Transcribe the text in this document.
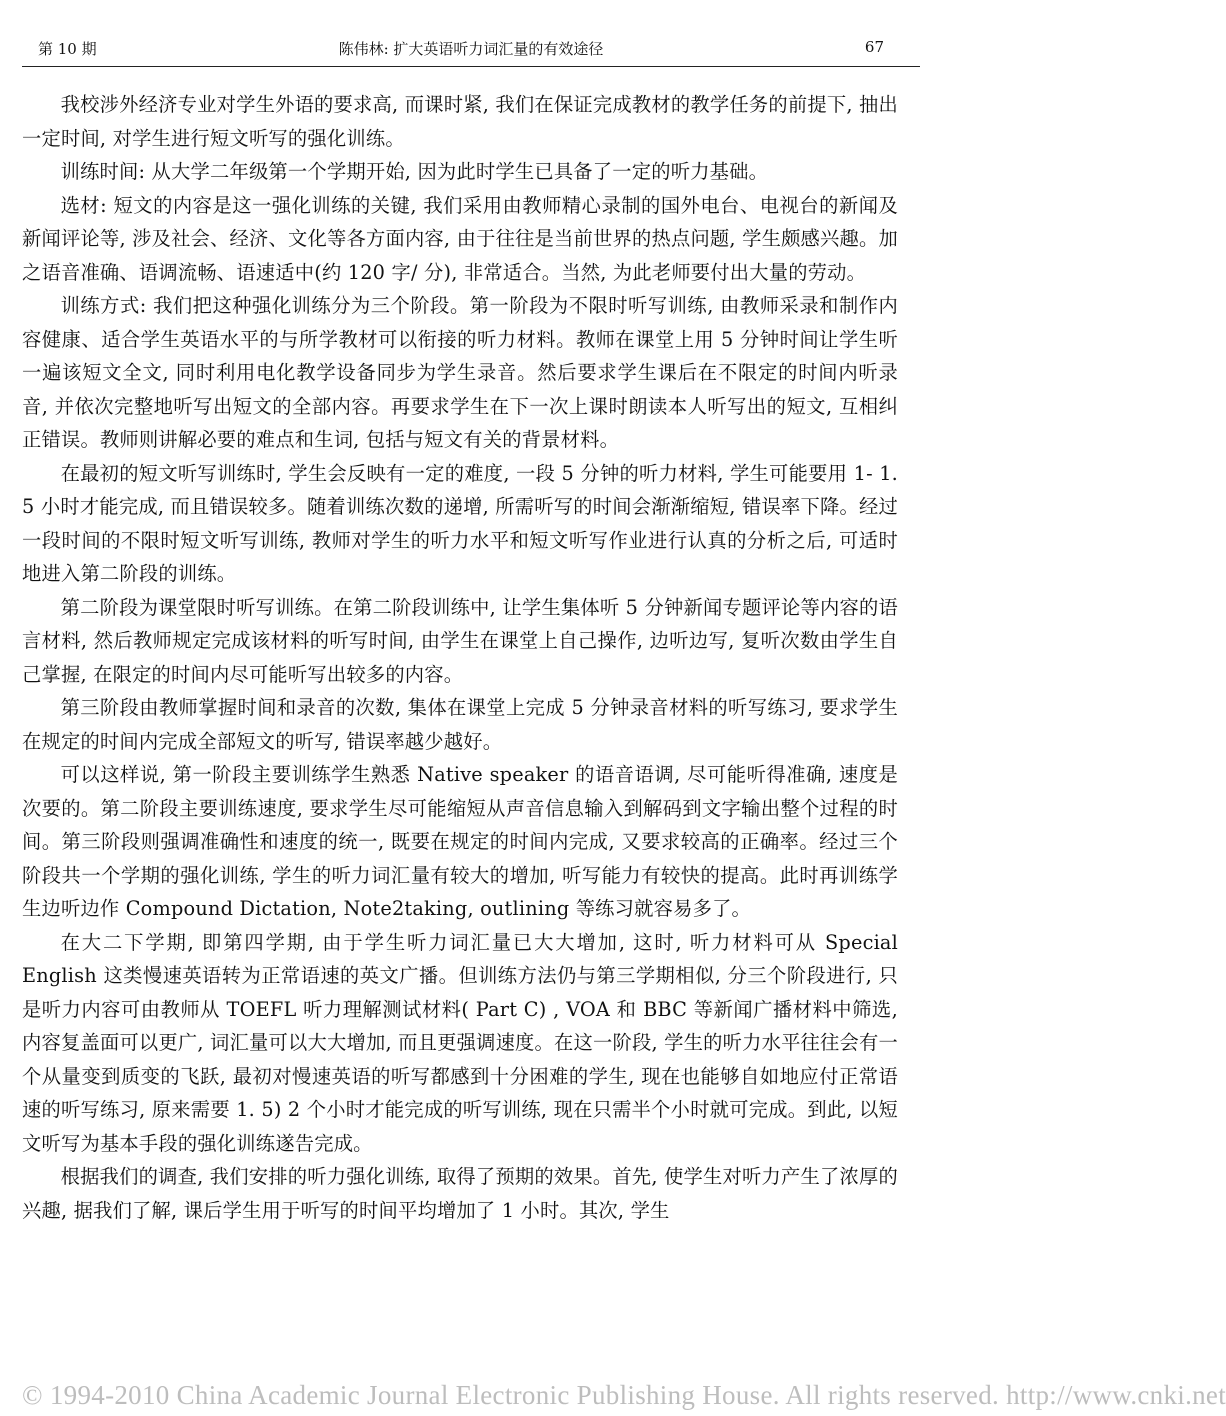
第 10 期	陈伟林: 扩大英语听力词汇量的有效途径	67

我校涉外经济专业对学生外语的要求高, 而课时紧, 我们在保证完成教材的教学任务的前提下, 抽出一定时间, 对学生进行短文听写的强化训练。

训练时间: 从大学二年级第一个学期开始, 因为此时学生已具备了一定的听力基础。

选材: 短文的内容是这一强化训练的关键, 我们采用由教师精心录制的国外电台、电视台的新闻及新闻评论等, 涉及社会、经济、文化等各方面内容, 由于往往是当前世界的热点问题, 学生颇感兴趣。加之语音准确、语调流畅、语速适中(约 120 字/ 分), 非常适合。当然, 为此老师要付出大量的劳动。

训练方式: 我们把这种强化训练分为三个阶段。第一阶段为不限时听写训练, 由教师采录和制作内容健康、适合学生英语水平的与所学教材可以衔接的听力材料。教师在课堂上用 5 分钟时间让学生听一遍该短文全文, 同时利用电化教学设备同步为学生录音。然后要求学生课后在不限定的时间内听录音, 并依次完整地听写出短文的全部内容。再要求学生在下一次上课时朗读本人听写出的短文, 互相纠正错误。教师则讲解必要的难点和生词, 包括与短文有关的背景材料。

在最初的短文听写训练时, 学生会反映有一定的难度, 一段 5 分钟的听力材料, 学生可能要用 1- 1. 5 小时才能完成, 而且错误较多。随着训练次数的递增, 所需听写的时间会渐渐缩短, 错误率下降。经过一段时间的不限时短文听写训练, 教师对学生的听力水平和短文听写作业进行认真的分析之后, 可适时地进入第二阶段的训练。

第二阶段为课堂限时听写训练。在第二阶段训练中, 让学生集体听 5 分钟新闻专题评论等内容的语言材料, 然后教师规定完成该材料的听写时间, 由学生在课堂上自己操作, 边听边写, 复听次数由学生自己掌握, 在限定的时间内尽可能听写出较多的内容。

第三阶段由教师掌握时间和录音的次数, 集体在课堂上完成 5 分钟录音材料的听写练习, 要求学生在规定的时间内完成全部短文的听写, 错误率越少越好。

可以这样说, 第一阶段主要训练学生熟悉 Native speaker 的语音语调, 尽可能听得准确, 速度是次要的。第二阶段主要训练速度, 要求学生尽可能缩短从声音信息输入到解码到文字输出整个过程的时间。第三阶段则强调准确性和速度的统一, 既要在规定的时间内完成, 又要求较高的正确率。经过三个阶段共一个学期的强化训练, 学生的听力词汇量有较大的增加, 听写能力有较快的提高。此时再训练学生边听边作 Compound Dictation, Note2taking, outlining 等练习就容易多了。

在大二下学期, 即第四学期, 由于学生听力词汇量已大大增加, 这时, 听力材料可从 Special English 这类慢速英语转为正常语速的英文广播。但训练方法仍与第三学期相似, 分三个阶段进行, 只是听力内容可由教师从 TOEFL 听力理解测试材料( Part C) , VOA 和 BBC 等新闻广播材料中筛选, 内容复盖面可以更广, 词汇量可以大大增加, 而且更强调速度。在这一阶段, 学生的听力水平往往会有一个从量变到质变的飞跃, 最初对慢速英语的听写都感到十分困难的学生, 现在也能够自如地应付正常语速的听写练习, 原来需要 1. 5) 2 个小时才能完成的听写训练, 现在只需半个小时就可完成。到此, 以短文听写为基本手段的强化训练遂告完成。

根据我们的调查, 我们安排的听力强化训练, 取得了预期的效果。首先, 使学生对听力产生了浓厚的兴趣, 据我们了解, 课后学生用于听写的时间平均增加了 1 小时。其次, 学生

© 1994-2010 China Academic Journal Electronic Publishing House. All rights reserved. http://www.cnki.net
